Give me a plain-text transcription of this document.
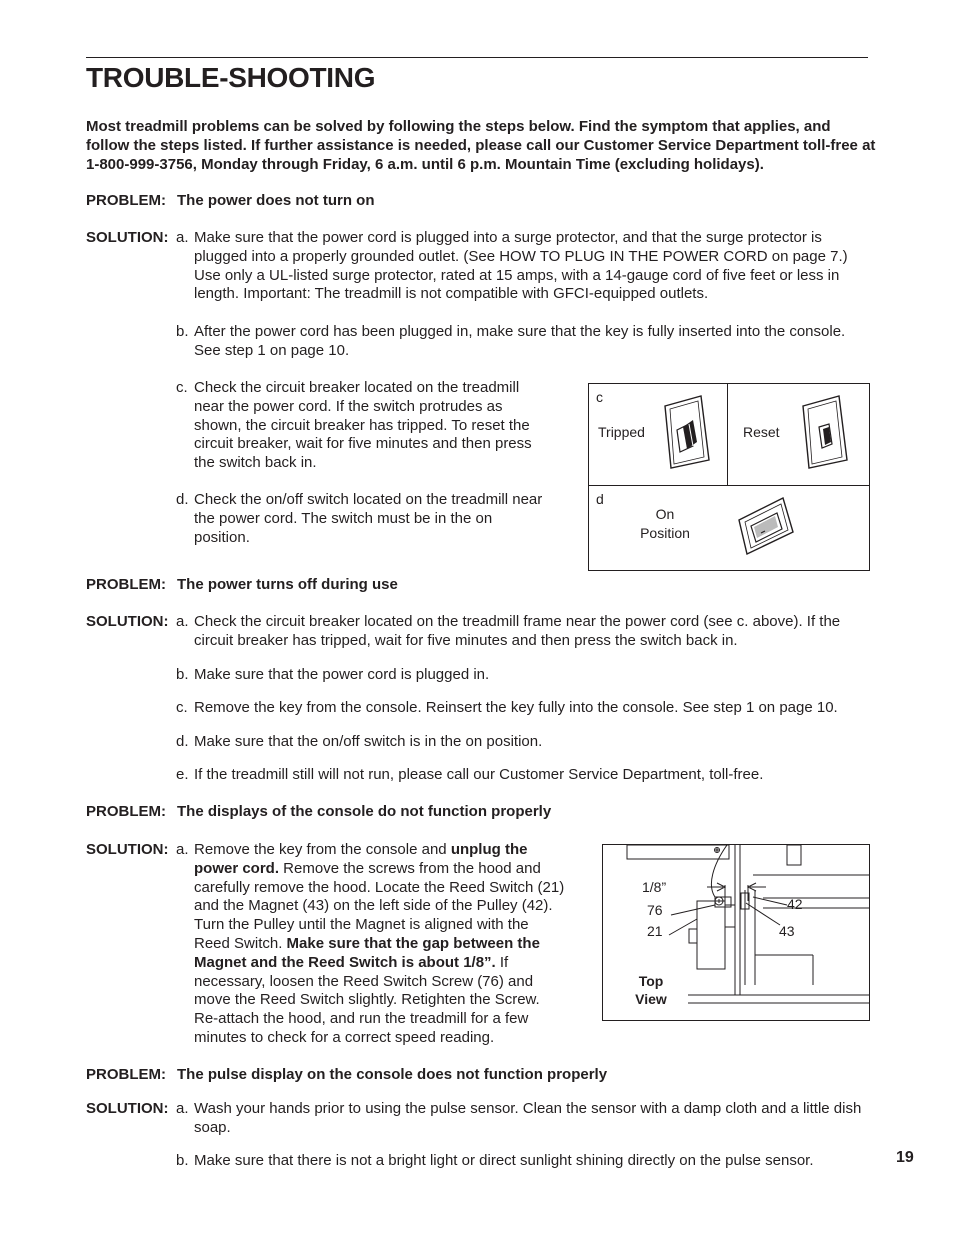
TROUBLE-SHOOTING
Most treadmill problems can be solved by following the steps below. Find the symptom that applies, and follow the steps listed. If further assistance is needed, please call our Customer Service Department toll-free at 1-800-999-3756, Monday through Friday, 6 a.m. until 6 p.m. Mountain Time (excluding holidays).
PROBLEM: The power does not turn on
SOLUTION: a. Make sure that the power cord is plugged into a surge protector, and that the surge protector is plugged into a properly grounded outlet. (See HOW TO PLUG IN THE POWER CORD on page 7.) Use only a UL-listed surge protector, rated at 15 amps, with a 14-gauge cord of five feet or less in length. Important: The treadmill is not compatible with GFCI-equipped outlets.
b. After the power cord has been plugged in, make sure that the key is fully inserted into the console. See step 1 on page 10.
c. Check the circuit breaker located on the treadmill near the power cord. If the switch protrudes as shown, the circuit breaker has tripped. To reset the circuit breaker, wait for five minutes and then press the switch back in.
d. Check the on/off switch located on the treadmill near the power cord. The switch must be in the on position.
c
Tripped	Reset
d
On
Position
PROBLEM: The power turns off during use
SOLUTION: a. Check the circuit breaker located on the treadmill frame near the power cord (see c. above). If the circuit breaker has tripped, wait for five minutes and then press the switch back in.
b. Make sure that the power cord is plugged in.
c. Remove the key from the console. Reinsert the key fully into the console. See step 1 on page 10.
d. Make sure that the on/off switch is in the on position.
e. If the treadmill still will not run, please call our Customer Service Department, toll-free.
PROBLEM: The displays of the console do not function properly
SOLUTION: a. Remove the key from the console and unplug the power cord. Remove the screws from the hood and carefully remove the hood. Locate the Reed Switch (21) and the Magnet (43) on the left side of the Pulley (42). Turn the Pulley until the Magnet is aligned with the Reed Switch. Make sure that the gap between the Magnet and the Reed Switch is about 1/8”. If necessary, loosen the Reed Switch Screw (76) and move the Reed Switch slightly. Retighten the Screw. Re-attach the hood, and run the treadmill for a few minutes to check for a correct speed reading.
1/8”
76
21
42
43
Top
View
PROBLEM: The pulse display on the console does not function properly
SOLUTION: a. Wash your hands prior to using the pulse sensor. Clean the sensor with a damp cloth and a little dish soap.
b. Make sure that there is not a bright light or direct sunlight shining directly on the pulse sensor.	19
